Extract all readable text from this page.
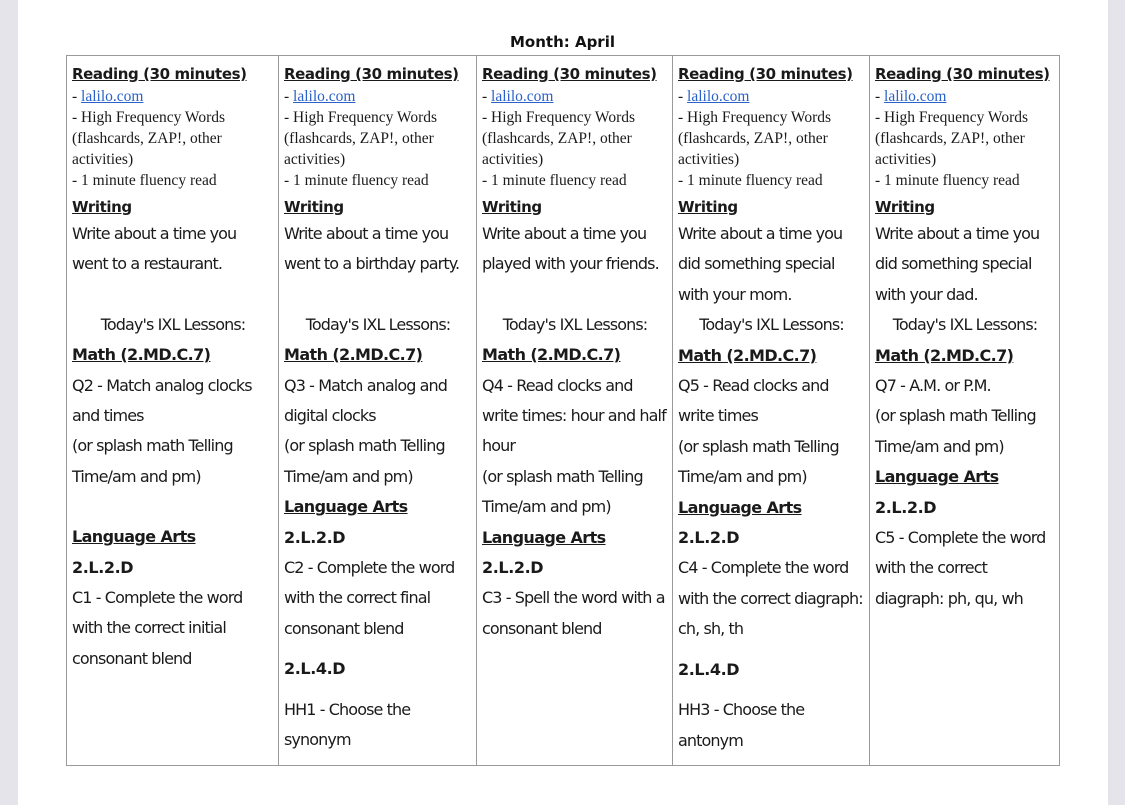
Month: April
Reading (30 minutes)
- lalilo.com
- High Frequency Words (flashcards, ZAP!, other activities)
- 1 minute fluency read
Writing
Write about a time you went to a restaurant.
Today's IXL Lessons:
Math (2.MD.C.7)
Q2 - Match analog clocks and times
(or splash math Telling Time/am and pm)
Language Arts
2.L.2.D
C1 - Complete the word with the correct initial consonant blend

Reading (30 minutes)
- lalilo.com
- High Frequency Words (flashcards, ZAP!, other activities)
- 1 minute fluency read
Writing
Write about a time you went to a birthday party.
Today's IXL Lessons:
Math (2.MD.C.7)
Q3 - Match analog and digital clocks
(or splash math Telling Time/am and pm)
Language Arts
2.L.2.D
C2 - Complete the word with the correct final consonant blend
2.L.4.D
HH1 - Choose the synonym

Reading (30 minutes)
- lalilo.com
- High Frequency Words (flashcards, ZAP!, other activities)
- 1 minute fluency read
Writing
Write about a time you played with your friends.
Today's IXL Lessons:
Math (2.MD.C.7)
Q4 - Read clocks and write times: hour and half hour
(or splash math Telling Time/am and pm)
Language Arts
2.L.2.D
C3 - Spell the word with a consonant blend

Reading (30 minutes)
- lalilo.com
- High Frequency Words (flashcards, ZAP!, other activities)
- 1 minute fluency read
Writing
Write about a time you did something special with your mom.
Today's IXL Lessons:
Math (2.MD.C.7)
Q5 - Read clocks and write times
(or splash math Telling Time/am and pm)
Language Arts
2.L.2.D
C4 - Complete the word with the correct diagraph: ch, sh, th
2.L.4.D
HH3 - Choose the antonym

Reading (30 minutes)
- lalilo.com
- High Frequency Words (flashcards, ZAP!, other activities)
- 1 minute fluency read
Writing
Write about a time you did something special with your dad.
Today's IXL Lessons:
Math (2.MD.C.7)
Q7 - A.M. or P.M.
(or splash math Telling Time/am and pm)
Language Arts
2.L.2.D
C5 - Complete the word with the correct diagraph: ph, qu, wh
